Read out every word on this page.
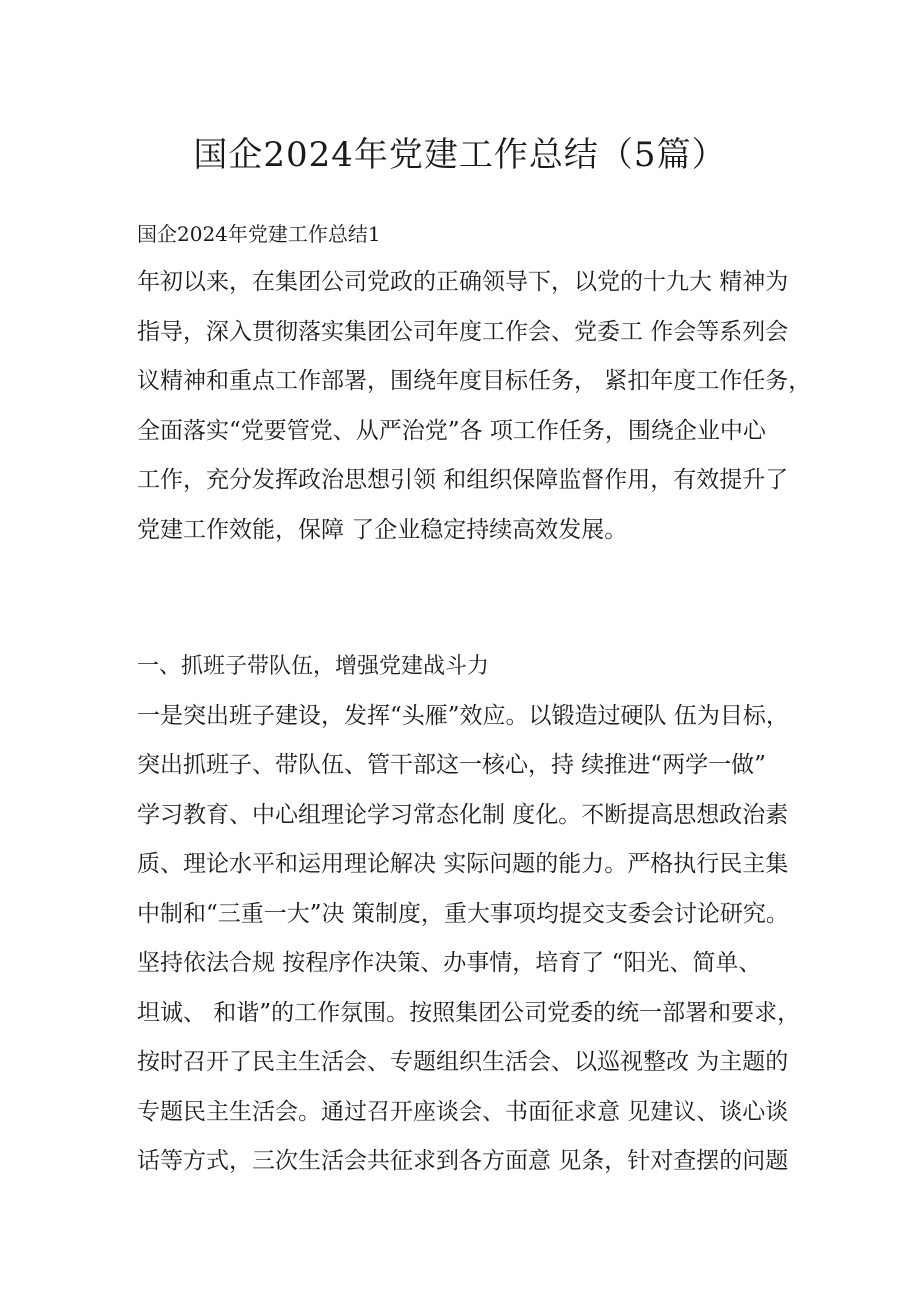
国企2024年党建工作总结（5篇）
国企2024年党建工作总结1
年初以来，在集团公司党政的正确领导下，以党的十九大 精神为
指导，深入贯彻落实集团公司年度工作会、党委工 作会等系列会
议精神和重点工作部署，围绕年度目标任务， 紧扣年度工作任务，
全面落实“党要管党、从严治党”各 项工作任务，围绕企业中心
工作，充分发挥政治思想引领 和组织保障监督作用，有效提升了
党建工作效能，保障 了企业稳定持续高效发展。
一、抓班子带队伍，增强党建战斗力
一是突出班子建设，发挥“头雁”效应。以锻造过硬队 伍为目标，
突出抓班子、带队伍、管干部这一核心，持 续推进“两学一做”
学习教育、中心组理论学习常态化制 度化。不断提高思想政治素
质、理论水平和运用理论解决 实际问题的能力。严格执行民主集
中制和“三重一大”决 策制度，重大事项均提交支委会讨论研究。
坚持依法合规 按程序作决策、办事情，培育了 “阳光、简单、
坦诚、 和谐”的工作氛围。按照集团公司党委的统一部署和要求，
按时召开了民主生活会、专题组织生活会、以巡视整改 为主题的
专题民主生活会。通过召开座谈会、书面征求意 见建议、谈心谈
话等方式，三次生活会共征求到各方面意 见条，针对查摆的问题
